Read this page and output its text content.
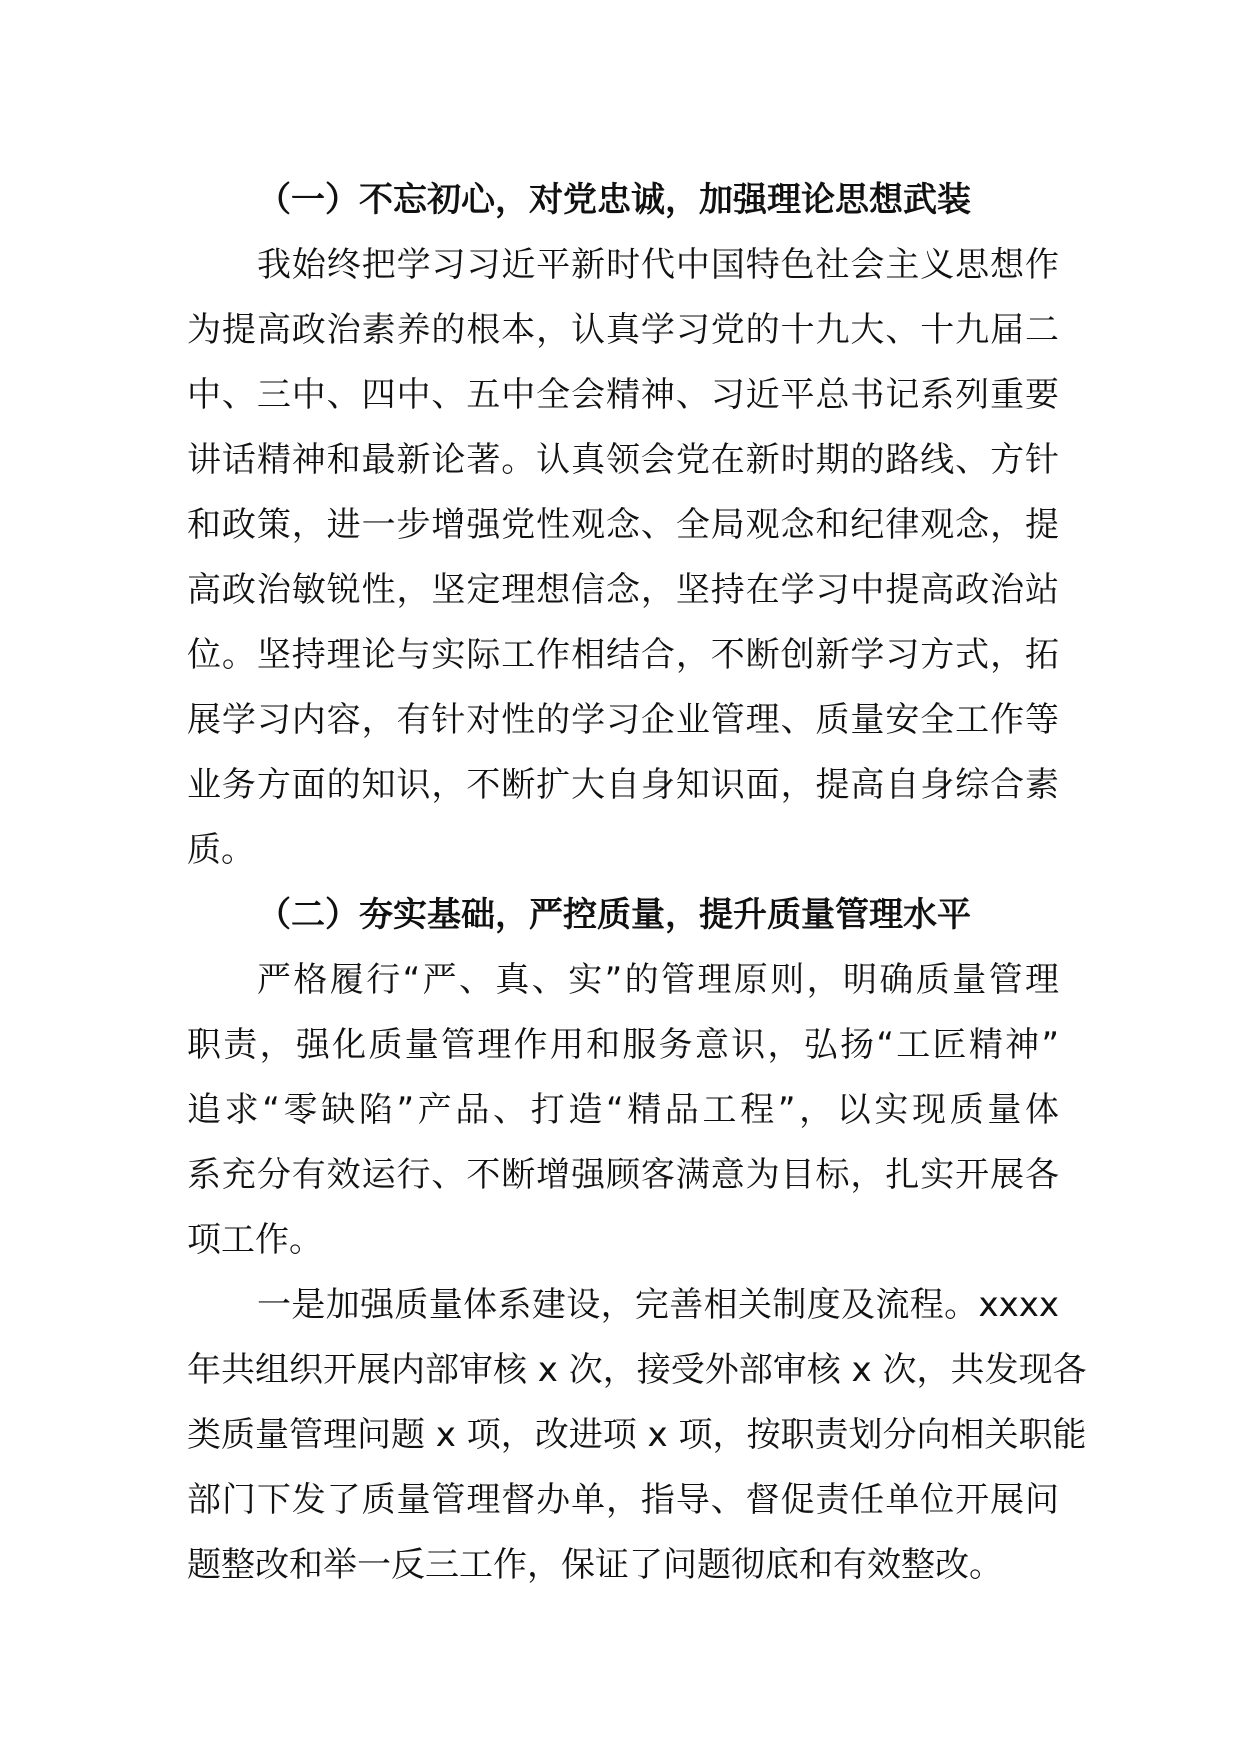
（一）不忘初心，对党忠诚，加强理论思想武装
我始终把学习习近平新时代中国特色社会主义思想作
为提高政治素养的根本，认真学习党的十九大、十九届二
中、三中、四中、五中全会精神、习近平总书记系列重要
讲话精神和最新论著。认真领会党在新时期的路线、方针
和政策，进一步增强党性观念、全局观念和纪律观念，提
高政治敏锐性，坚定理想信念，坚持在学习中提高政治站
位。坚持理论与实际工作相结合，不断创新学习方式，拓
展学习内容，有针对性的学习企业管理、质量安全工作等
业务方面的知识，不断扩大自身知识面，提高自身综合素
质。
（二）夯实基础，严控质量，提升质量管理水平
严格履行“严、真、实”的管理原则，明确质量管理
职责，强化质量管理作用和服务意识，弘扬“工匠精神”
追求“零缺陷”产品、打造“精品工程”，以实现质量体
系充分有效运行、不断增强顾客满意为目标，扎实开展各
项工作。
一是加强质量体系建设，完善相关制度及流程。xxxx
年共组织开展内部审核 x 次，接受外部审核 x 次，共发现各
类质量管理问题 x 项，改进项 x 项，按职责划分向相关职能
部门下发了质量管理督办单，指导、督促责任单位开展问
题整改和举一反三工作，保证了问题彻底和有效整改。
